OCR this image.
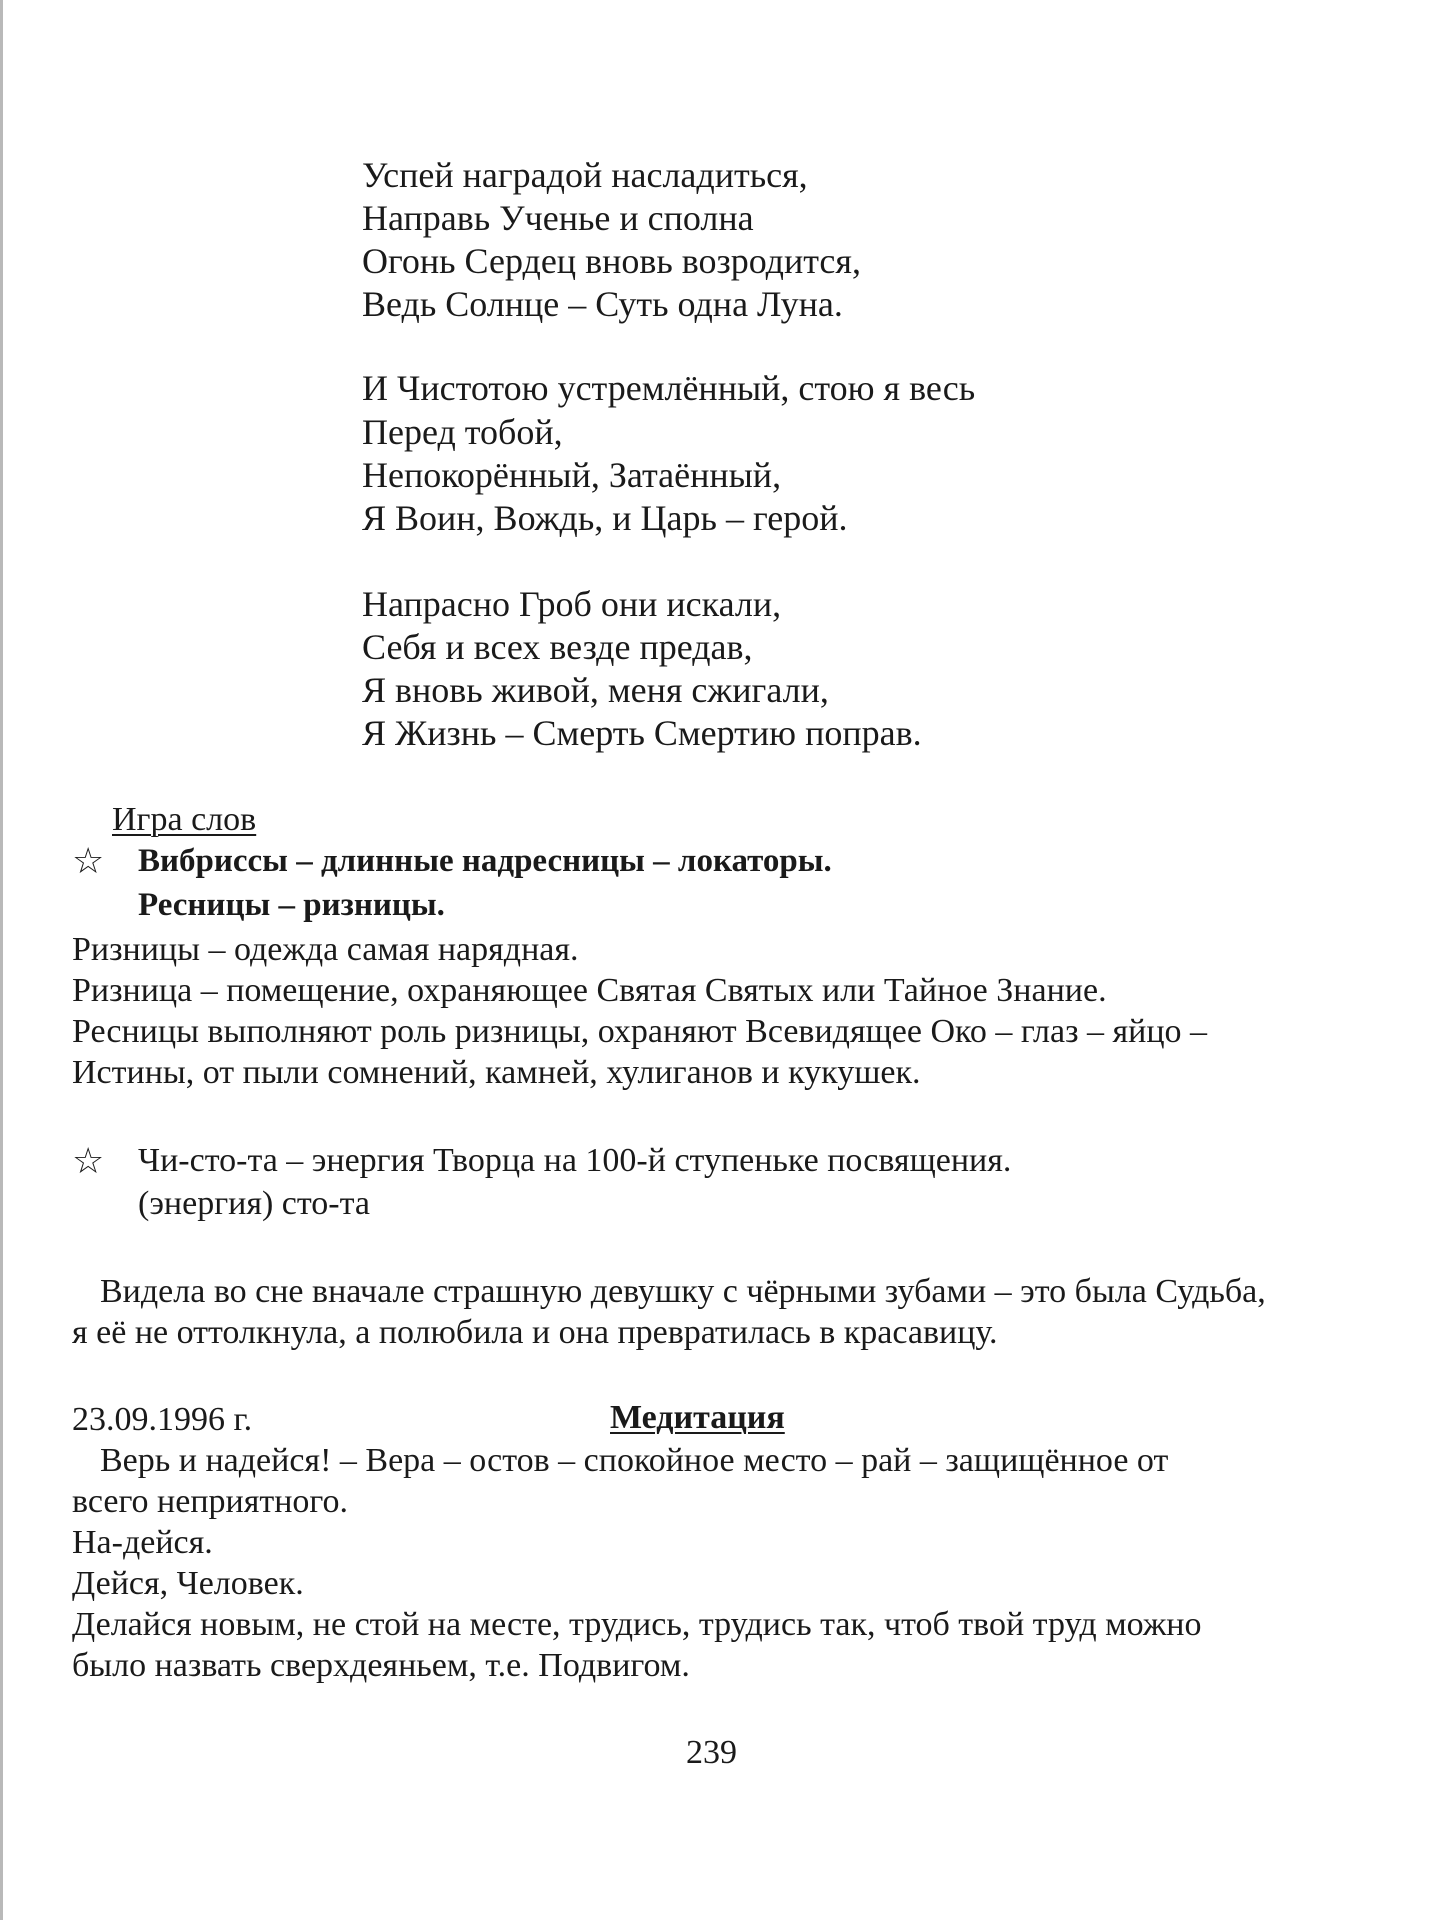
Успей наградой насладиться,
Направь Ученье и сполна
Огонь Сердец вновь возродится,
Ведь Солнце – Суть одна Луна.
И Чистотою устремлённый, стою я весь
Перед тобой,
Непокорённый, Затаённый,
Я Воин, Вождь, и Царь – герой.
Напрасно Гроб они искали,
Себя и всех везде предав,
Я вновь живой, меня сжигали,
Я Жизнь – Смерть Смертию поправ.
Игра слов
☆ Вибриссы – длинные надресницы – локаторы.
Ресницы – ризницы.
Ризницы – одежда самая нарядная.
Ризница – помещение, охраняющее Святая Святых или Тайное Знание.
Ресницы выполняют роль ризницы, охраняют Всевидящее Око – глаз – яйцо –
Истины, от пыли сомнений, камней, хулиганов и кукушек.
☆ Чи-сто-та – энергия Творца на 100-й ступеньке посвящения.
(энергия) сто-та
Видела во сне вначале страшную девушку с чёрными зубами – это была Судьба,
я её не оттолкнула, а полюбила и она превратилась в красавицу.
23.09.1996 г.	Медитация
Верь и надейся! – Вера – остов – спокойное место – рай – защищённое от
всего неприятного.
На-дейся.
Дейся, Человек.
Делайся новым, не стой на месте, трудись, трудись так, чтоб твой труд можно
было назвать сверхдеяньем, т.е. Подвигом.
239
